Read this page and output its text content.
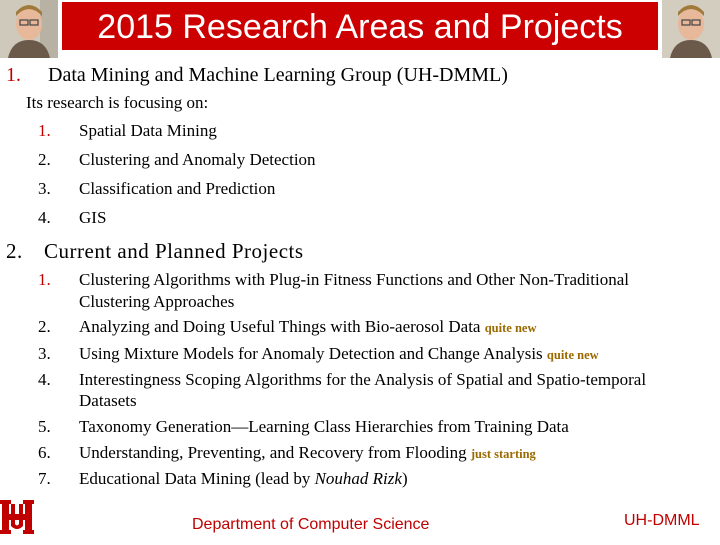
2015 Research Areas and Projects
1. Data Mining and Machine Learning Group (UH-DMML)
Its research is focusing on:
1. Spatial Data Mining
2. Clustering and Anomaly Detection
3. Classification and Prediction
4. GIS
2. Current and Planned Projects
1. Clustering Algorithms with Plug-in Fitness Functions and Other Non-Traditional
Clustering Approaches
2. Analyzing and Doing Useful Things with Bio-aerosol Data quite new
3. Using Mixture Models for Anomaly Detection and Change Analysis quite new
4. Interestingness Scoping Algorithms for the Analysis of Spatial and Spatio-temporal
Datasets
5. Taxonomy Generation—Learning Class Hierarchies from Training Data
6. Understanding, Preventing, and Recovery from Flooding just starting
7. Educational Data Mining (lead by Nouhad Rizk)
Department of Computer Science	UH-DMML
